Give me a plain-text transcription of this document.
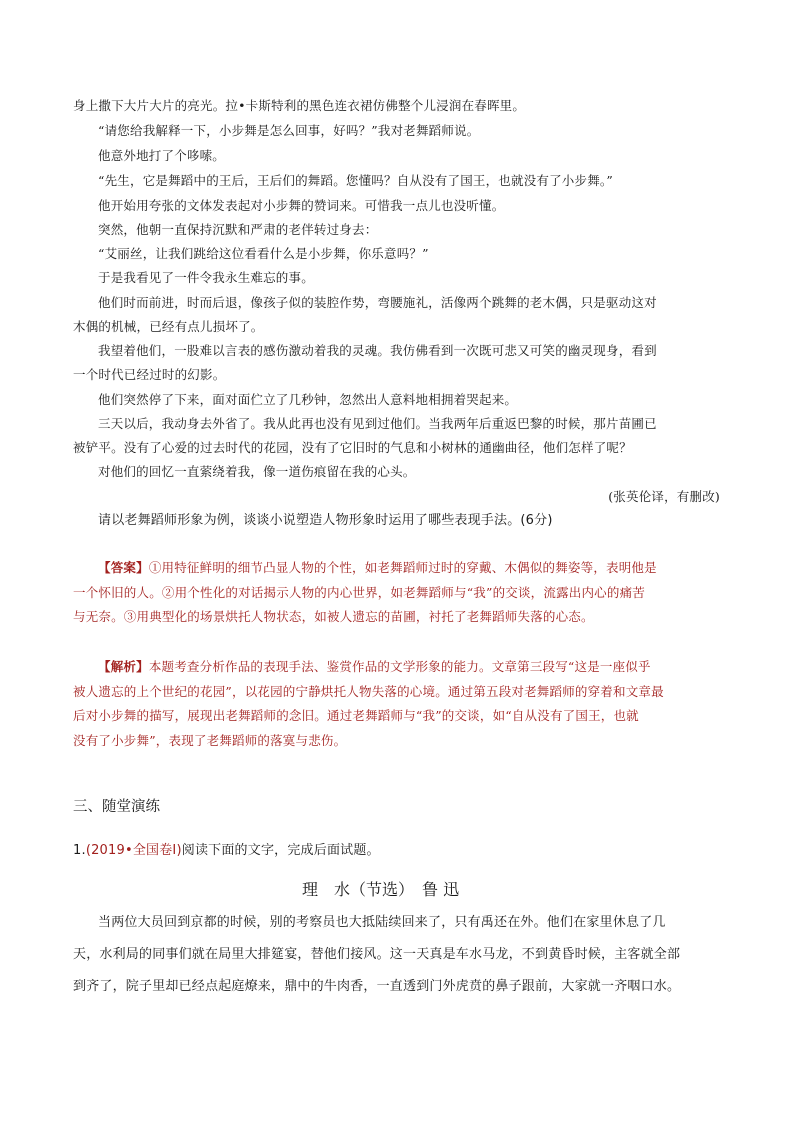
身上撒下大片大片的亮光。拉•卡斯特利的黑色连衣裙仿佛整个儿浸润在春晖里。
“请您给我解释一下，小步舞是怎么回事，好吗？”我对老舞蹈师说。
他意外地打了个哆嗦。
“先生，它是舞蹈中的王后，王后们的舞蹈。您懂吗？自从没有了国王，也就没有了小步舞。”
他开始用夸张的文体发表起对小步舞的赞词来。可惜我一点儿也没听懂。
突然，他朝一直保持沉默和严肃的老伴转过身去：
“艾丽丝，让我们跳给这位看看什么是小步舞，你乐意吗？”
于是我看见了一件令我永生难忘的事。
他们时而前进，时而后退，像孩子似的装腔作势，弯腰施礼，活像两个跳舞的老木偶，只是驱动这对
木偶的机械，已经有点儿损坏了。
我望着他们，一股难以言表的感伤激动着我的灵魂。我仿佛看到一次既可悲又可笑的幽灵现身，看到
一个时代已经过时的幻影。
他们突然停了下来，面对面伫立了几秒钟，忽然出人意料地相拥着哭起来。
三天以后，我动身去外省了。我从此再也没有见到过他们。当我两年后重返巴黎的时候，那片苗圃已
被铲平。没有了心爱的过去时代的花园，没有了它旧时的气息和小树林的通幽曲径，他们怎样了呢？
对他们的回忆一直萦绕着我，像一道伤痕留在我的心头。
(张英伦译，有删改)
请以老舞蹈师形象为例，谈谈小说塑造人物形象时运用了哪些表现手法。(6分)
【答案】①用特征鲜明的细节凸显人物的个性，如老舞蹈师过时的穿戴、木偶似的舞姿等，表明他是
一个怀旧的人。②用个性化的对话揭示人物的内心世界，如老舞蹈师与“我”的交谈，流露出内心的痛苦
与无奈。③用典型化的场景烘托人物状态，如被人遗忘的苗圃，衬托了老舞蹈师失落的心态。
【解析】本题考查分析作品的表现手法、鉴赏作品的文学形象的能力。文章第三段写“这是一座似乎
被人遗忘的上个世纪的花园”，以花园的宁静烘托人物失落的心境。通过第五段对老舞蹈师的穿着和文章最
后对小步舞的描写，展现出老舞蹈师的念旧。通过老舞蹈师与“我”的交谈，如“自从没有了国王，也就
没有了小步舞”，表现了老舞蹈师的落寞与悲伤。
三、随堂演练
1.(2019•全国卷Ⅰ)阅读下面的文字，完成后面试题。
理　水（节选）　鲁 迅
当两位大员回到京都的时候，别的考察员也大抵陆续回来了，只有禹还在外。他们在家里休息了几
天，水利局的同事们就在局里大排筵宴，替他们接风。这一天真是车水马龙，不到黄昏时候，主客就全部
到齐了，院子里却已经点起庭燎来，鼎中的牛肉香，一直透到门外虎贲的鼻子跟前，大家就一齐咽口水。
